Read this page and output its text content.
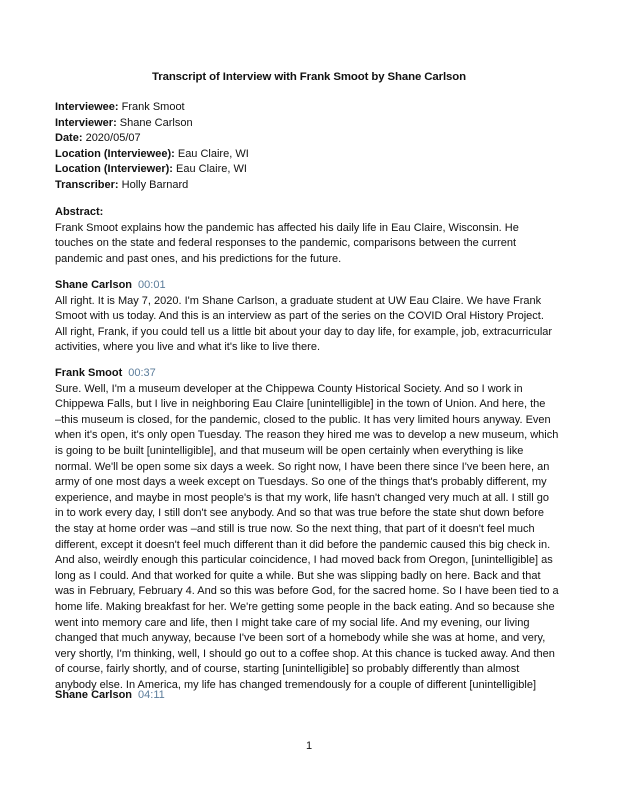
Transcript of Interview with Frank Smoot by Shane Carlson
Interviewee: Frank Smoot
Interviewer: Shane Carlson
Date: 2020/05/07
Location (Interviewee): Eau Claire, WI
Location (Interviewer): Eau Claire, WI
Transcriber: Holly Barnard
Abstract:
Frank Smoot explains how the pandemic has affected his daily life in Eau Claire, Wisconsin. He
touches on the state and federal responses to the pandemic, comparisons between the current
pandemic and past ones, and his predictions for the future.
Shane Carlson 00:01
All right. It is May 7, 2020. I'm Shane Carlson, a graduate student at UW Eau Claire. We have Frank
Smoot with us today. And this is an interview as part of the series on the COVID Oral History Project.
All right, Frank, if you could tell us a little bit about your day to day life, for example, job, extracurricular
activities, where you live and what it's like to live there.
Frank Smoot 00:37
Sure. Well, I'm a museum developer at the Chippewa County Historical Society. And so I work in
Chippewa Falls, but I live in neighboring Eau Claire [unintelligible] in the town of Union. And here, the
–this museum is closed, for the pandemic, closed to the public. It has very limited hours anyway. Even
when it's open, it's only open Tuesday. The reason they hired me was to develop a new museum, which
is going to be built [unintelligible], and that museum will be open certainly when everything is like
normal. We'll be open some six days a week. So right now, I have been there since I've been here, an
army of one most days a week except on Tuesdays. So one of the things that's probably different, my
experience, and maybe in most people's is that my work, life hasn't changed very much at all. I still go
in to work every day, I still don't see anybody. And so that was true before the state shut down before
the stay at home order was –and still is true now. So the next thing, that part of it doesn't feel much
different, except it doesn't feel much different than it did before the pandemic caused this big check in.
And also, weirdly enough this particular coincidence, I had moved back from Oregon, [unintelligible] as
long as I could. And that worked for quite a while. But she was slipping badly on here. Back and that
was in February, February 4. And so this was before God, for the sacred home. So I have been tied to a
home life. Making breakfast for her. We're getting some people in the back eating. And so because she
went into memory care and life, then I might take care of my social life. And my evening, our living
changed that much anyway, because I've been sort of a homebody while she was at home, and very,
very shortly, I'm thinking, well, I should go out to a coffee shop. At this chance is tucked away. And then
of course, fairly shortly, and of course, starting [unintelligible] so probably differently than almost
anybody else. In America, my life has changed tremendously for a couple of different [unintelligible]
Shane Carlson 04:11
1
